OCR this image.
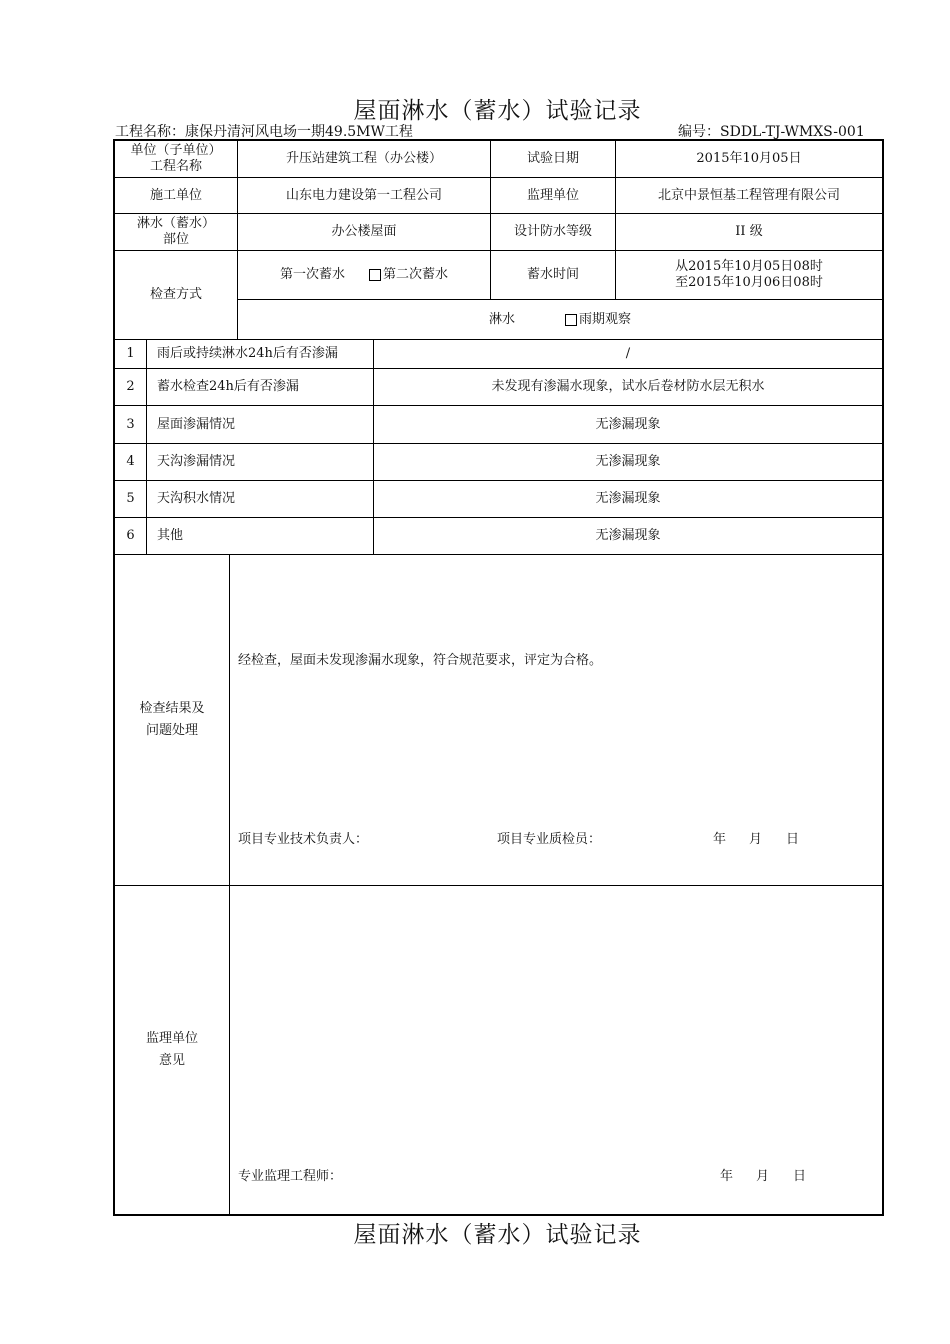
屋面淋水（蓄水）试验记录
工程名称：康保丹清河风电场一期49.5MW工程	编号：SDDL-TJ-WMXS-001
单位（子单位）
工程名称
升压站建筑工程（办公楼）	试验日期	2015年10月05日
施工单位	山东电力建设第一工程公司	监理单位	北京中景恒基工程管理有限公司
淋水（蓄水）
部位
办公楼屋面	设计防水等级	II 级
检查方式
第一次蓄水	第二次蓄水	蓄水时间
从2015年10月05日08时
至2015年10月06日08时
淋水	雨期观察
1	雨后或持续淋水24h后有否渗漏	/
2	蓄水检查24h后有否渗漏	未发现有渗漏水现象，试水后卷材防水层无积水
3	屋面渗漏情况	无渗漏现象
4	天沟渗漏情况	无渗漏现象
5	天沟积水情况	无渗漏现象
6	其他	无渗漏现象
检查结果及
问题处理
经检查，屋面未发现渗漏水现象，符合规范要求，评定为合格。
项目专业技术负责人：	项目专业质检员：	年 月 日
监理单位
意见
专业监理工程师：	年 月 日
屋面淋水（蓄水）试验记录
